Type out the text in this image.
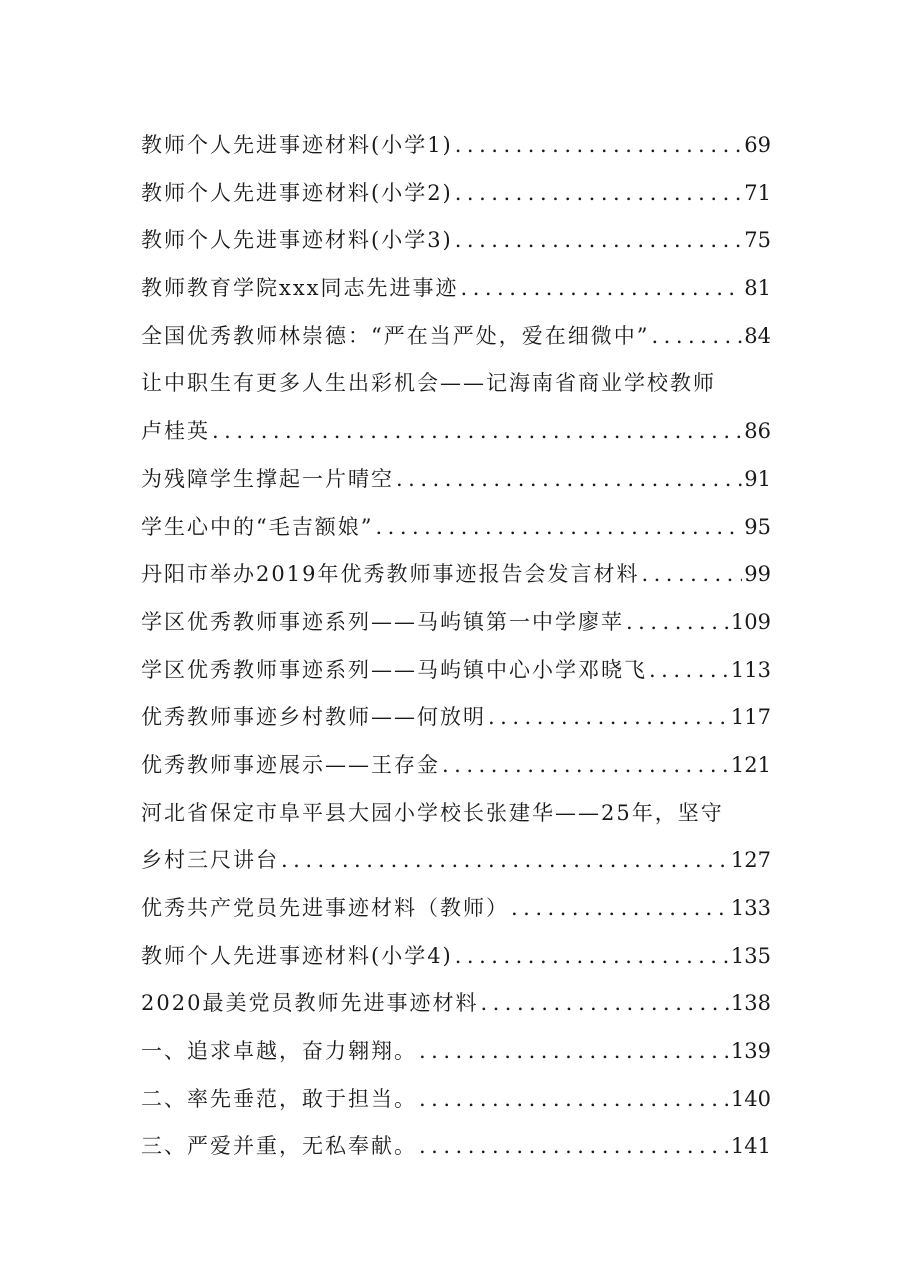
教师个人先进事迹材料(小学1) .....	69
教师个人先进事迹材料(小学2) .....	71
教师个人先进事迹材料(小学3) .....	75
教师教育学院xxx同志先进事迹 .....	81
全国优秀教师林崇德：“严在当严处，爱在细微中” .....	84
让中职生有更多人生出彩机会——记海南省商业学校教师
卢桂英 .....	86
为残障学生撑起一片晴空 .....	91
学生心中的“毛吉额娘” .....	95
丹阳市举办2019年优秀教师事迹报告会发言材料 .....	99
学区优秀教师事迹系列——马屿镇第一中学廖苹 .....	109
学区优秀教师事迹系列——马屿镇中心小学邓晓飞 .....	113
优秀教师事迹乡村教师——何放明 .....	117
优秀教师事迹展示——王存金 .....	121
河北省保定市阜平县大园小学校长张建华——25年，坚守
乡村三尺讲台 .....	127
优秀共产党员先进事迹材料（教师） .....	133
教师个人先进事迹材料(小学4) .....	135
2020最美党员教师先进事迹材料 .....	138
一、追求卓越，奋力翱翔。 .....	139
二、率先垂范，敢于担当。 .....	140
三、严爱并重，无私奉献。 .....	141
